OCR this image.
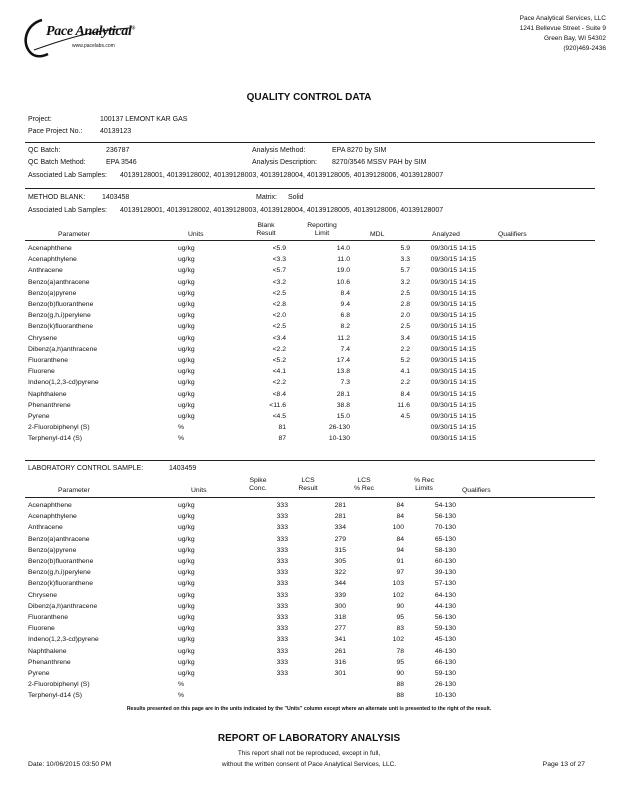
Pace Analytical®
www.pacelabs.com
Pace Analytical Services, LLC
1241 Bellevue Street - Suite 9
Green Bay, WI 54302
(920)469-2436
QUALITY CONTROL DATA
Project:	100137 LEMONT KAR GAS
Pace Project No.:	40139123
QC Batch:	236787	Analysis Method:	EPA 8270 by SIM
QC Batch Method:	EPA 3546	Analysis Description: 8270/3546 MSSV PAH by SIM
Associated Lab Samples: 40139128001, 40139128002, 40139128003, 40139128004, 40139128005, 40139128006, 40139128007
METHOD BLANK: 1403458	Matrix: Solid
Associated Lab Samples: 40139128001, 40139128002, 40139128003, 40139128004, 40139128005, 40139128006, 40139128007
Parameter	Units
Blank
Result
Reporting
Limit	MDL	Analyzed	Qualifiers
Acenaphthene	ug/kg	<5.9	14.0	5.9	09/30/15 14:15	
Acenaphthylene	ug/kg	<3.3	11.0	3.3	09/30/15 14:15	
Anthracene	ug/kg	<5.7	19.0	5.7	09/30/15 14:15	
Benzo(a)anthracene	ug/kg	<3.2	10.6	3.2	09/30/15 14:15	
Benzo(a)pyrene	ug/kg	<2.5	8.4	2.5	09/30/15 14:15	
Benzo(b)fluoranthene	ug/kg	<2.8	9.4	2.8	09/30/15 14:15	
Benzo(g,h,i)perylene	ug/kg	<2.0	6.8	2.0	09/30/15 14:15	
Benzo(k)fluoranthene	ug/kg	<2.5	8.2	2.5	09/30/15 14:15	
Chrysene	ug/kg	<3.4	11.2	3.4	09/30/15 14:15	
Dibenz(a,h)anthracene	ug/kg	<2.2	7.4	2.2	09/30/15 14:15	
Fluoranthene	ug/kg	<5.2	17.4	5.2	09/30/15 14:15	
Fluorene	ug/kg	<4.1	13.8	4.1	09/30/15 14:15	
Indeno(1,2,3-cd)pyrene	ug/kg	<2.2	7.3	2.2	09/30/15 14:15	
Naphthalene	ug/kg	<8.4	28.1	8.4	09/30/15 14:15	
Phenanthrene	ug/kg	<11.6	38.8	11.6	09/30/15 14:15	
Pyrene	ug/kg	<4.5	15.0	4.5	09/30/15 14:15	
2-Fluorobiphenyl (S)	%	81	26-130		09/30/15 14:15	
Terphenyl-d14 (S)	%	87	10-130		09/30/15 14:15	
LABORATORY CONTROL SAMPLE:	1403459
Parameter	Units
Spike
Conc.
LCS
Result
LCS
% Rec
% Rec
Limits	Qualifiers
Acenaphthene	ug/kg	333	281	84	54-130	
Acenaphthylene	ug/kg	333	281	84	56-130	
Anthracene	ug/kg	333	334	100	70-130	
Benzo(a)anthracene	ug/kg	333	279	84	65-130	
Benzo(a)pyrene	ug/kg	333	315	94	58-130	
Benzo(b)fluoranthene	ug/kg	333	305	91	60-130	
Benzo(g,h,i)perylene	ug/kg	333	322	97	39-130	
Benzo(k)fluoranthene	ug/kg	333	344	103	57-130	
Chrysene	ug/kg	333	339	102	64-130	
Dibenz(a,h)anthracene	ug/kg	333	300	90	44-130	
Fluoranthene	ug/kg	333	318	95	56-130	
Fluorene	ug/kg	333	277	83	59-130	
Indeno(1,2,3-cd)pyrene	ug/kg	333	341	102	45-130	
Naphthalene	ug/kg	333	261	78	46-130	
Phenanthrene	ug/kg	333	316	95	66-130	
Pyrene	ug/kg	333	301	90	59-130	
2-Fluorobiphenyl (S)	%			88	26-130	
Terphenyl-d14 (S)	%			88	10-130	
Results presented on this page are in the units indicated by the "Units" column except where an alternate unit is presented to the right of the result.
REPORT OF LABORATORY ANALYSIS
This report shall not be reproduced, except in full,
without the written consent of Pace Analytical Services, LLC.
Date: 10/06/2015 03:50 PM	Page 13 of 27
